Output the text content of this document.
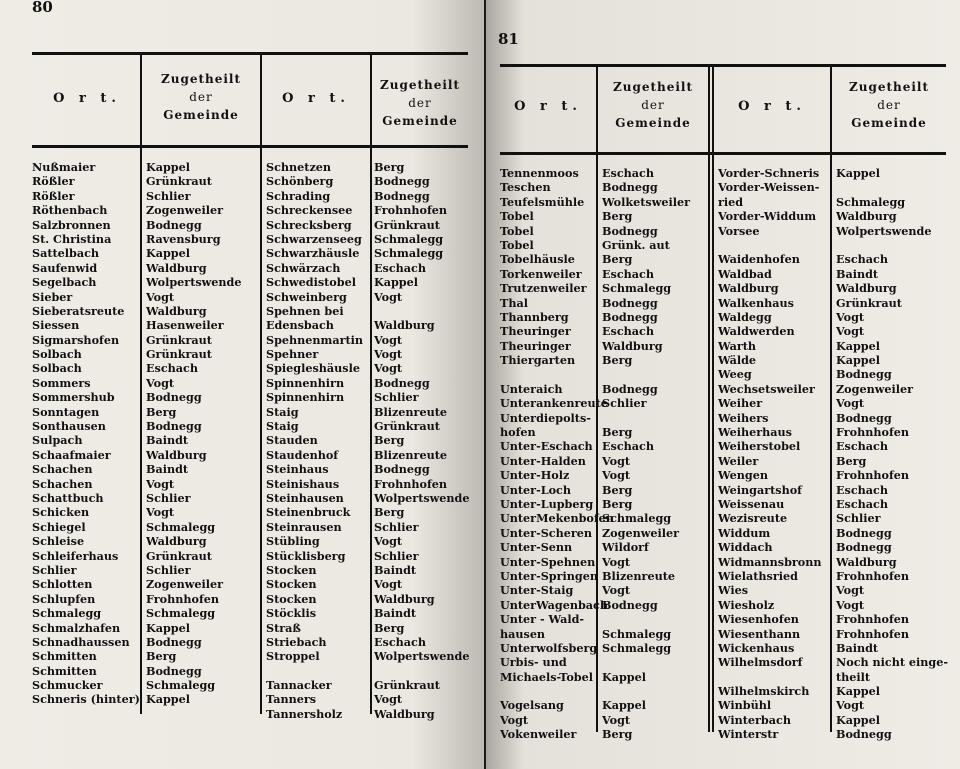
80
O r t.
Zugetheilt
der
Gemeinde
O r t.
Zugetheilt
der
Gemeinde
Nußmaier
Rößler
Rößler
Röthenbach
Salzbronnen
St. Christina
Sattelbach
Saufenwid
Segelbach
Sieber
Sieberatsreute
Siessen
Sigmarshofen
Solbach
Solbach
Sommers
Sommershub
Sonntagen
Sonthausen
Sulpach
Schaafmaier
Schachen
Schachen
Schattbuch
Schicken
Schiegel
Schleise
Schleiferhaus
Schlier
Schlotten
Schlupfen
Schmalegg
Schmalzhafen
Schnadhaussen
Schmitten
Schmitten
Schmucker
Schneris (hinter)
Kappel
Grünkraut
Schlier
Zogenweiler
Bodnegg
Ravensburg
Kappel
Waldburg
Wolpertswende
Vogt
Waldburg
Hasenweiler
Grünkraut
Grünkraut
Eschach
Vogt
Bodnegg
Berg
Bodnegg
Baindt
Waldburg
Baindt
Vogt
Schlier
Vogt
Schmalegg
Waldburg
Grünkraut
Schlier
Zogenweiler
Frohnhofen
Schmalegg
Kappel
Bodnegg
Berg
Bodnegg
Schmalegg
Kappel
Schnetzen
Schönberg
Schrading
Schreckensee
Schrecksberg
Schwarzenseeg
Schwarzhäusle
Schwärzach
Schwedistobel
Schweinberg
Spehnen bei
Edensbach
Spehnenmartin
Spehner
Spiegleshäusle
Spinnenhirn
Spinnenhirn
Staig
Staig
Stauden
Staudenhof
Steinhaus
Steinishaus
Steinhausen
Steinenbruck
Steinrausen
Stübling
Stücklisberg
Stocken
Stocken
Stocken
Stöcklis
Straß
Striebach
Stroppel
Tannacker
Tanners
Tannersholz
Berg
Bodnegg
Bodnegg
Frohnhofen
Grünkraut
Schmalegg
Schmalegg
Eschach
Kappel
Vogt
Waldburg
Vogt
Vogt
Vogt
Bodnegg
Schlier
Blizenreute
Grünkraut
Berg
Blizenreute
Bodnegg
Frohnhofen
Wolpertswende
Berg
Schlier
Vogt
Schlier
Baindt
Vogt
Waldburg
Baindt
Berg
Eschach
Wolpertswende
Grünkraut
Vogt
Waldburg
81
O r t.
Zugetheilt
der
Gemeinde
O r t.
Zugetheilt
der
Gemeinde
Tennenmoos
Teschen
Teufelsmühle
Tobel
Tobel
Tobel
Tobelhäusle
Torkenweiler
Trutzenweiler
Thal
Thannberg
Theuringer
Theuringer
Thiergarten
Unteraich
Unterankenreute
Unterdiepolts-
hofen
Unter-Eschach
Unter-Halden
Unter-Holz
Unter-Loch
Unter-Lupberg
UnterMekenbofen
Unter-Scheren
Unter-Senn
Unter-Spehnen
Unter-Springen
Unter-Staig
UnterWagenbach
Unter - Wald-
hausen
Unterwolfsberg
Urbis- und
Michaels-Tobel
Vogelsang
Vogt
Vokenweiler
Eschach
Bodnegg
Wolketsweiler
Berg
Bodnegg
Grünk. aut
Berg
Eschach
Schmalegg
Bodnegg
Bodnegg
Eschach
Waldburg
Berg
Bodnegg
Schlier
Berg
Eschach
Vogt
Vogt
Berg
Berg
Schmalegg
Zogenweiler
Wildorf
Vogt
Blizenreute
Vogt
Bodnegg
Schmalegg
Schmalegg
Kappel
Kappel
Vogt
Berg
Vorder-Schneris
Vorder-Weissen-
ried
Vorder-Widdum
Vorsee
Waidenhofen
Waldbad
Waldburg
Walkenhaus
Waldegg
Waldwerden
Warth
Wälde
Weeg
Wechsetsweiler
Weiher
Weihers
Weiherhaus
Weiherstobel
Weiler
Wengen
Weingartshof
Weissenau
Wezisreute
Widdum
Widdach
Widmannsbronn
Wielathsried
Wies
Wiesholz
Wiesenhofen
Wiesenthann
Wickenhaus
Wilhelmsdorf
Wilhelmskirch
Winbühl
Winterbach
Winterstr
Kappel
Schmalegg
Waldburg
Wolpertswende
Eschach
Baindt
Waldburg
Grünkraut
Vogt
Vogt
Kappel
Kappel
Bodnegg
Zogenweiler
Vogt
Bodnegg
Frohnhofen
Eschach
Berg
Frohnhofen
Eschach
Eschach
Schlier
Bodnegg
Bodnegg
Waldburg
Frohnhofen
Vogt
Vogt
Frohnhofen
Frohnhofen
Baindt
Noch nicht einge-
theilt
Kappel
Vogt
Kappel
Bodnegg
